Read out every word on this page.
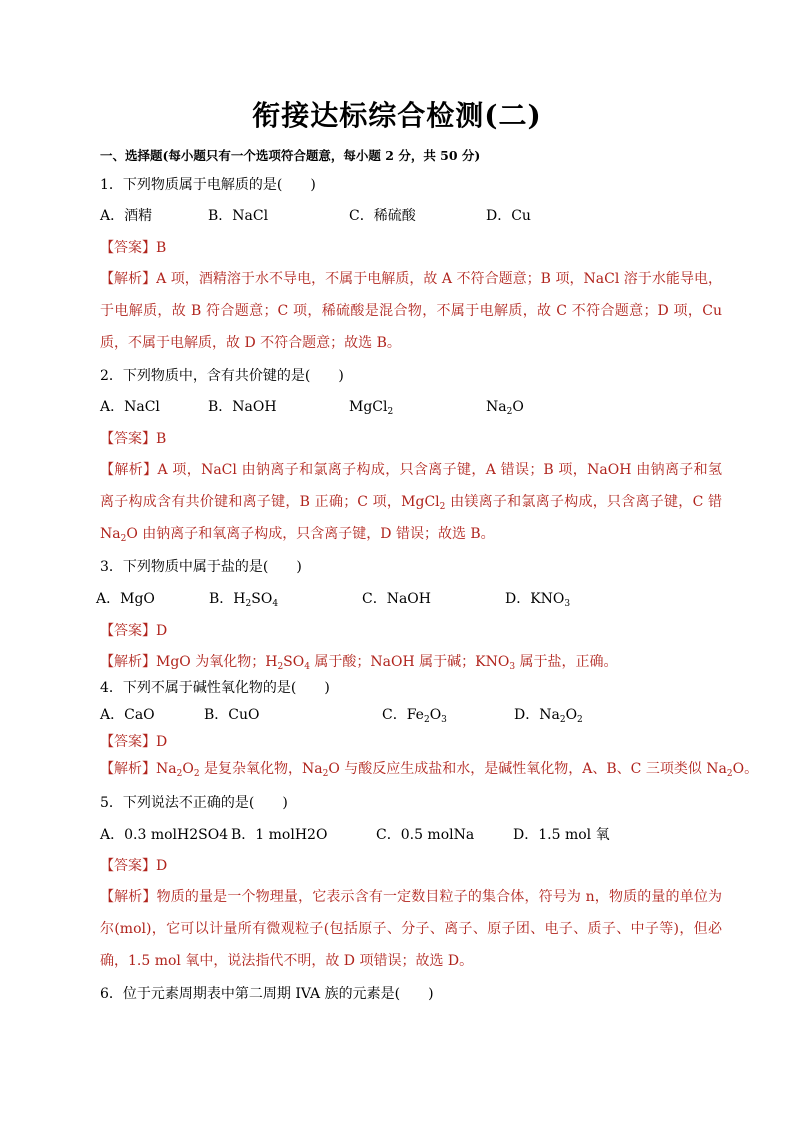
衔接达标综合检测(二)
一、选择题(每小题只有一个选项符合题意，每小题 2 分，共 50 分)
1．下列物质属于电解质的是(　　)
A．酒精	B．NaCl	C．稀硫酸	D．Cu
【答案】B
【解析】A 项，酒精溶于水不导电，不属于电解质，故 A 不符合题意；B 项，NaCl 溶于水能导电，
于电解质，故 B 符合题意；C 项，稀硫酸是混合物，不属于电解质，故 C 不符合题意；D 项，Cu
质，不属于电解质，故 D 不符合题意；故选 B。
2．下列物质中，含有共价键的是(　　)
A．NaCl	B．NaOH	MgCl$_2$	$Na_2O$
【答案】B
【解析】A 项，NaCl 由钠离子和氯离子构成，只含离子键，A 错误；B 项，NaOH 由钠离子和氢
离子构成含有共价键和离子键，B 正确；C 项，MgCl$_2$ 由镁离子和氯离子构成，只含离子键，C 错
$Na_2O$ 由钠离子和氧离子构成，只含离子键，D 错误；故选 B。
3．下列物质中属于盐的是(　　)
A．MgO	B．$H_2SO_4$	C．NaOH	D．$KNO_3$
【答案】D
【解析】MgO 为氧化物；$H_2SO_4$ 属于酸；NaOH 属于碱；$KNO_3$ 属于盐，正确。
4．下列不属于碱性氧化物的是(　　)
A．CaO	B．CuO	C．$Fe_2O_3$	D．$Na_2O_2$
【答案】D
【解析】$Na_2O_2$ 是复杂氧化物，$Na_2O$ 与酸反应生成盐和水，是碱性氧化物，A、B、C 三项类似 $Na_2O$。
5．下列说法不正确的是(　　)
A．0.3 molH2SO4 B．1 molH2O	C．0.5 molNa	D．1.5 mol 氧
【答案】D
【解析】物质的量是一个物理量，它表示含有一定数目粒子的集合体，符号为 n，物质的量的单位为
尔(mol)，它可以计量所有微观粒子(包括原子、分子、离子、原子团、电子、质子、中子等)，但必
确，1.5 mol 氧中，说法指代不明，故 D 项错误；故选 D。
6．位于元素周期表中第二周期 IVA 族的元素是(　　)
